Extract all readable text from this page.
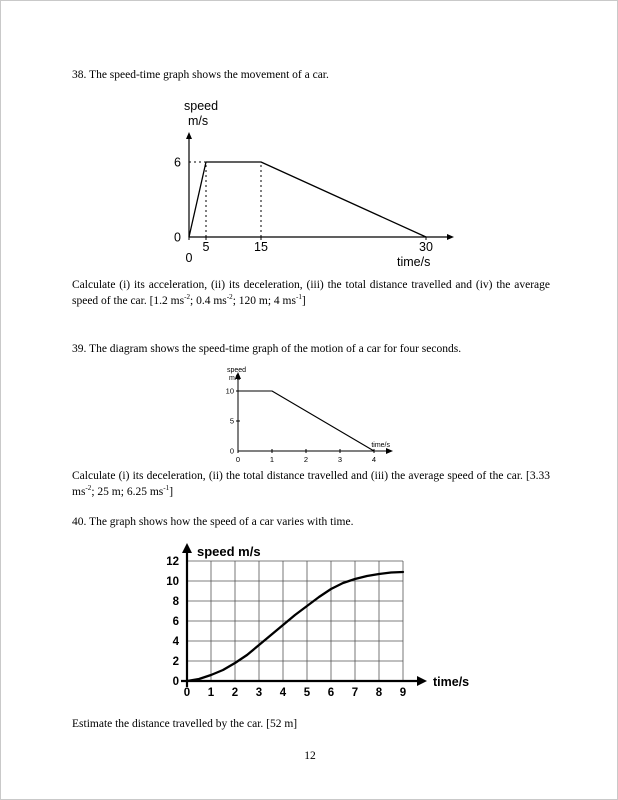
38. The speed-time graph shows the movement of a car.

0
5	15	30
0
6
speed
m/s
time/s

Calculate (i) its acceleration, (ii) its deceleration, (iii) the total distance travelled and (iv) the average speed of the car. [1.2 $ms^{-2}$; 0.4 $ms^{-2}$; 120 m; 4 $ms^{-1}$]

39. The diagram shows the speed-time graph of the motion of a car for four seconds.

0	1	2	3	4
0
5
10
speed
m/s
time/s

Calculate (i) its deceleration, (ii) the total distance travelled and (iii) the average speed of the car. [3.33 $ms^{-2}$; 25 m; 6.25 $ms^{-1}$]

40. The graph shows how the speed of a car varies with time.

0 1 2 3 4 5 6 7 8 9
0
2
4
6
8
10
12
speed m/s
time/s

Estimate the distance travelled by the car. [52 m]

12
